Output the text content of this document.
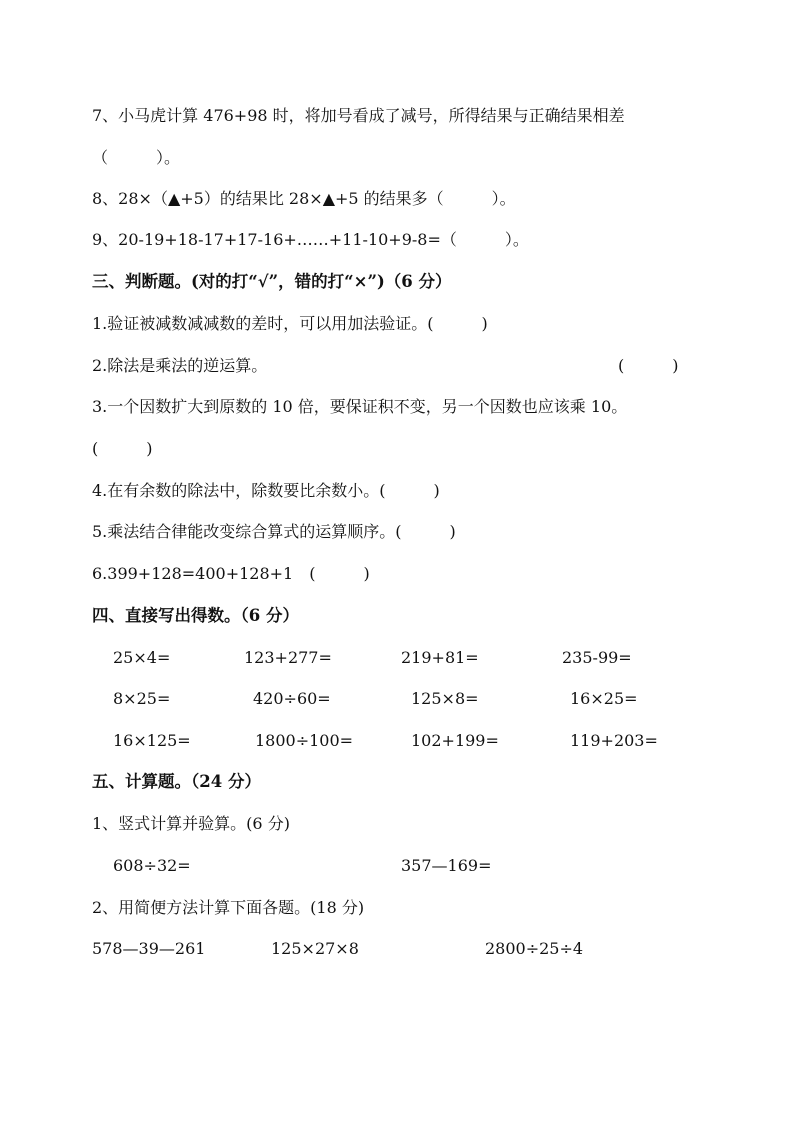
7、小马虎计算 476+98 时，将加号看成了减号，所得结果与正确结果相差
（　　　）。
8、28×（▲+5）的结果比 28×▲+5 的结果多（　　　）。
9、20-19+18-17+17-16+……+11-10+9-8=（　　　）。
三、判断题。(对的打“√”，错的打“×”)（6 分）
1.验证被减数减减数的差时，可以用加法验证。(　　　)
2.除法是乘法的逆运算。	(　　　)
3.一个因数扩大到原数的 10 倍，要保证积不变，另一个因数也应该乘 10。
(　　　)
4.在有余数的除法中，除数要比余数小。(　　　)
5.乘法结合律能改变综合算式的运算顺序。(　　　)
6.399+128=400+128+1　(　　　)
四、直接写出得数。（6 分）
25×4=	123+277=	219+81=	235-99=
8×25=	420÷60=	125×8=	16×25=
16×125=	1800÷100=	102+199=	119+203=
五、计算题。（24 分）
1、竖式计算并验算。(6 分)
608÷32=	357—169=
2、用简便方法计算下面各题。(18 分)
578—39—261	125×27×8	2800÷25÷4
